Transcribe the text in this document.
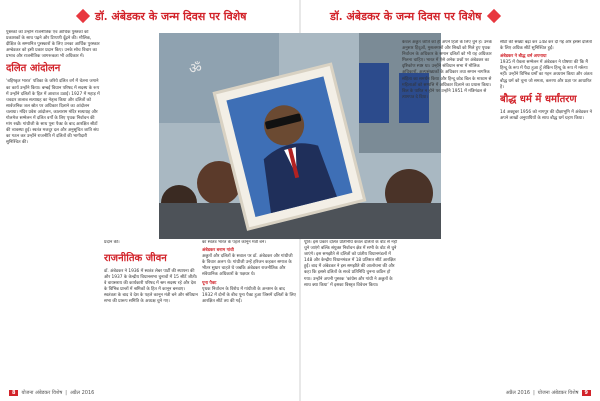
डॉ. अंबेडकर के जन्म दिवस पर विशेष	डॉ. अंबेडकर के जन्म दिवस पर विशेष

पुस्तकों को उन्होंने राजनीतिक एवं आर्थिक पुस्तकों को प्रकाशकों के साथ पढ़ने और टिप्पणी दूँढ़ने की। मौलिक, दीक्षित के सम्मानित पुरस्कारों के लिए उनका आर्थिक पुरस्कार अम्बेडकर को इसी प्रकार प्रदान किए। उनके सोच विचार का प्रभाव और राजनीतिक जागरूकता भी अधिकार में।

दलित आंदोलन

‘बहिष्कृत भारत’ पत्रिका के जरिये दलित वर्ग में चेतना जगाने का कार्य उन्होंने किया। बम्बई विधान परिषद में सदस्य के रूप में उन्होंने दलितों के हित में आवाज उठाई। 1927 में महाड़ में चवदार तालाब सत्याग्रह का नेतृत्व किया और दलितों को सार्वजनिक जल स्रोत पर अधिकार दिलाने का आंदोलन चलाया। मंदिर प्रवेश आंदोलन, कालाराम मंदिर सत्याग्रह और गोलमेज सम्मेलन में दलित वर्गों के लिए पृथक निर्वाचन की मांग रखी। गांधीजी के साथ पूना पैक्ट के बाद आरक्षित सीटों की व्यवस्था हुई। स्वतंत्र मजदूर दल और अनुसूचित जाति संघ का गठन कर उन्होंने राजनीति में दलितों की भागीदारी सुनिश्चित की।

ॐ

प्रदान की।

राजनीतिक जीवन

डॉ. अंबेडकर ने 1936 में स्वतंत्र लेबर पार्टी की स्थापना की और 1937 के केन्द्रीय विधानसभा चुनावों में 15 सीटें जीती। वे वायसराय की कार्यकारी परिषद में श्रम सदस्य रहे और देश के विभिन्न प्रान्तों में श्रमिकों के हित में कानून बनवाए। स्वतंत्रता के बाद वे देश के पहले कानून मंत्री बने और संविधान सभा की प्रारूप समिति के अध्यक्ष चुने गए।

का स्वतंत्र भारत के पहले कानून मंत्री बने।

अंबेडकर बनाम गांधी

अछूतों और दलितों के सवाल पर डॉ. अंबेडकर और गांधीजी के विचार अलग थे। गांधीजी उन्हें हरिजन कहकर समाज के भीतर सुधार चाहते थे जबकि अंबेडकर राजनीतिक और संवैधानिक अधिकारों के पक्षधर थे।

पूना पैक्ट

पृथक निर्वाचन के विरोध में गांधीजी के अनशन के बाद 1932 में दोनों के बीच पूना पैक्ट हुआ जिसमें दलितों के लिए आरक्षित सीटें तय की गईं।

पूर्ति। इस प्रकार दलित प्रतिनिधि केवल दलितों के वोट से नहीं चुने जाएंगे बल्कि संयुक्त निर्वाचन क्षेत्र में सभी के वोट से चुने जाएंगे। इस समझौते से दलितों को प्रांतीय विधानमंडलों में 148 और केन्द्रीय विधानमंडल में 18 प्रतिशत सीटें आरक्षित हुईं। बाद में अंबेडकर ने इस समझौते की आलोचना की और कहा कि इससे दलितों के सच्चे प्रतिनिधि चुनना कठिन हो गया। उन्होंने अपनी पुस्तक ‘कांग्रेस और गांधी ने अछूतों के साथ क्या किया’ में इसका विस्तृत विवेचन किया।

केवल अछूत जाति को ही अपने हितों के लिए चुने हैं। उनके अनुसार हिंदुओं, मुसलमानों और सिखों को मिले हुए पृथक निर्वाचन के अधिकार के समान दलितों को भी यह अधिकार मिलना चाहिए। भारत में ऐसे अनेक प्रश्नों पर अंबेडकर का दृष्टिकोण स्पष्ट था। उन्होंने संविधान सभा में मौलिक अधिकारों, अल्पसंख्यकों के अधिकार तथा समान नागरिक संहिता का समर्थन किया और हिन्दू कोड बिल के माध्यम से महिलाओं को सम्पत्ति में अधिकार दिलाने का प्रयास किया। बिल के पारित न होने पर उन्होंने 1951 में मंत्रिमंडल से त्यागपत्र दे दिया।

सीटों की संख्या बढ़ा कर 148 कर दी गई और इससे दलितों के लिए अधिक सीटें सुनिश्चित हुईं।

अंबेडकर ने बौद्ध धर्म अपनाया

1935 में येवला सम्मेलन में अंबेडकर ने घोषणा की कि मैं हिन्दू के रूप में पैदा हुआ हूँ लेकिन हिन्दू के रूप में मरूँगा नहीं। उन्होंने विभिन्न धर्मों का गहन अध्ययन किया और अंततः बौद्ध धर्म को चुना जो समता, करुणा और प्रज्ञा पर आधारित है।

बौद्ध धर्म में धर्मांतरण

14 अक्टूबर 1956 को नागपुर की दीक्षाभूमि में अंबेडकर ने अपने लाखों अनुयायियों के साथ बौद्ध धर्म ग्रहण किया।

8	योजना अंबेडकर विशेष | अप्रैल 2016	अप्रैल 2016 | योजना अंबेडकर विशेष	9
